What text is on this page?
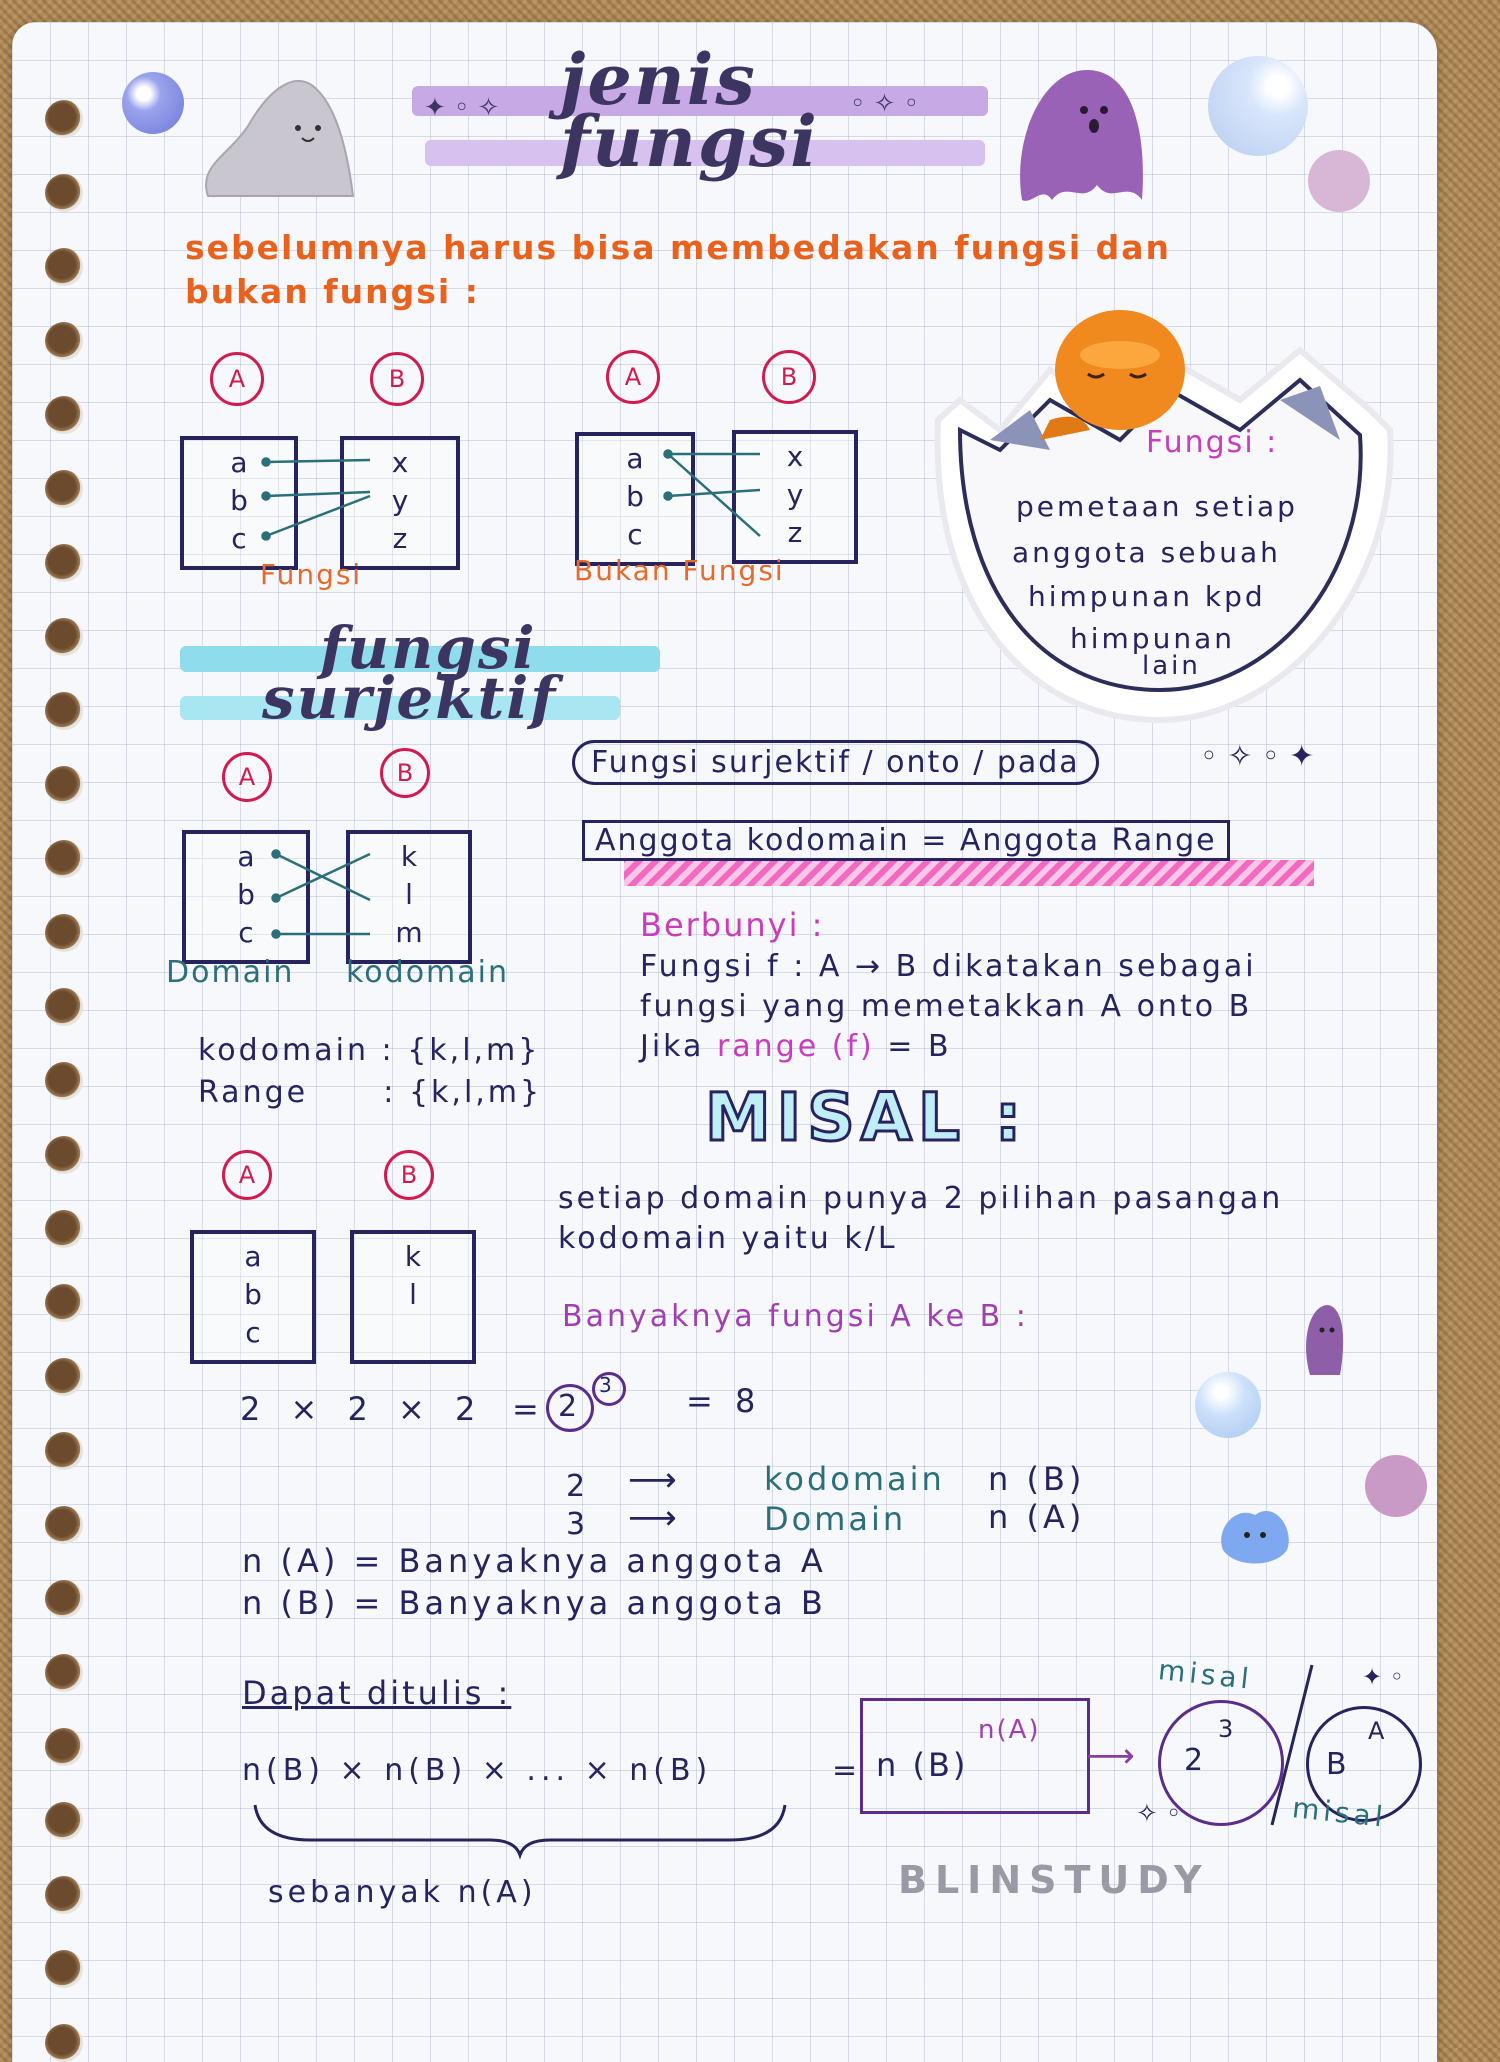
jenis
fungsi
sebelumnya harus bisa membedakan fungsi dan
bukan fungsi :
A	B
a
b
c
x
y
z
Fungsi
A	B
a
b
c
x
y
z
Bukan Fungsi
Fungsi :
pemetaan setiap
anggota sebuah
himpunan kpd
himpunan
lain
fungsi
surjektif
A	B
a
b
c
k
l
m
Domain kodomain
kodomain : {k,l,m}
Range      : {k,l,m}
Fungsi surjektif / onto / pada
Anggota kodomain = Anggota Range
Berbunyi :
Fungsi f : A → B dikatakan sebagai
fungsi yang memetakkan A onto B
Jika range (f) = B
MISAL :
setiap domain punya 2 pilihan pasangan
kodomain yaitu k/L
Banyaknya fungsi A ke B :
A	B
a
b
c
k
l
2 × 2 × 2 = 2
3 = 8
2 ⟶	kodomain n (B)
3 ⟶	Domain	n (A)
n (A) = Banyaknya anggota A
n (B) = Banyaknya anggota B
Dapat ditulis :
n(B) × n(B) × ... × n(B)
sebanyak n(A)
= n (B)
n(A)
⟶
misal
2
3
B
A
misal
✦ ◦ ✧	◦ ✧ ◦
◦ ✧ ◦ ✦
✧ ◦
✦ ◦
BLINSTUDY
